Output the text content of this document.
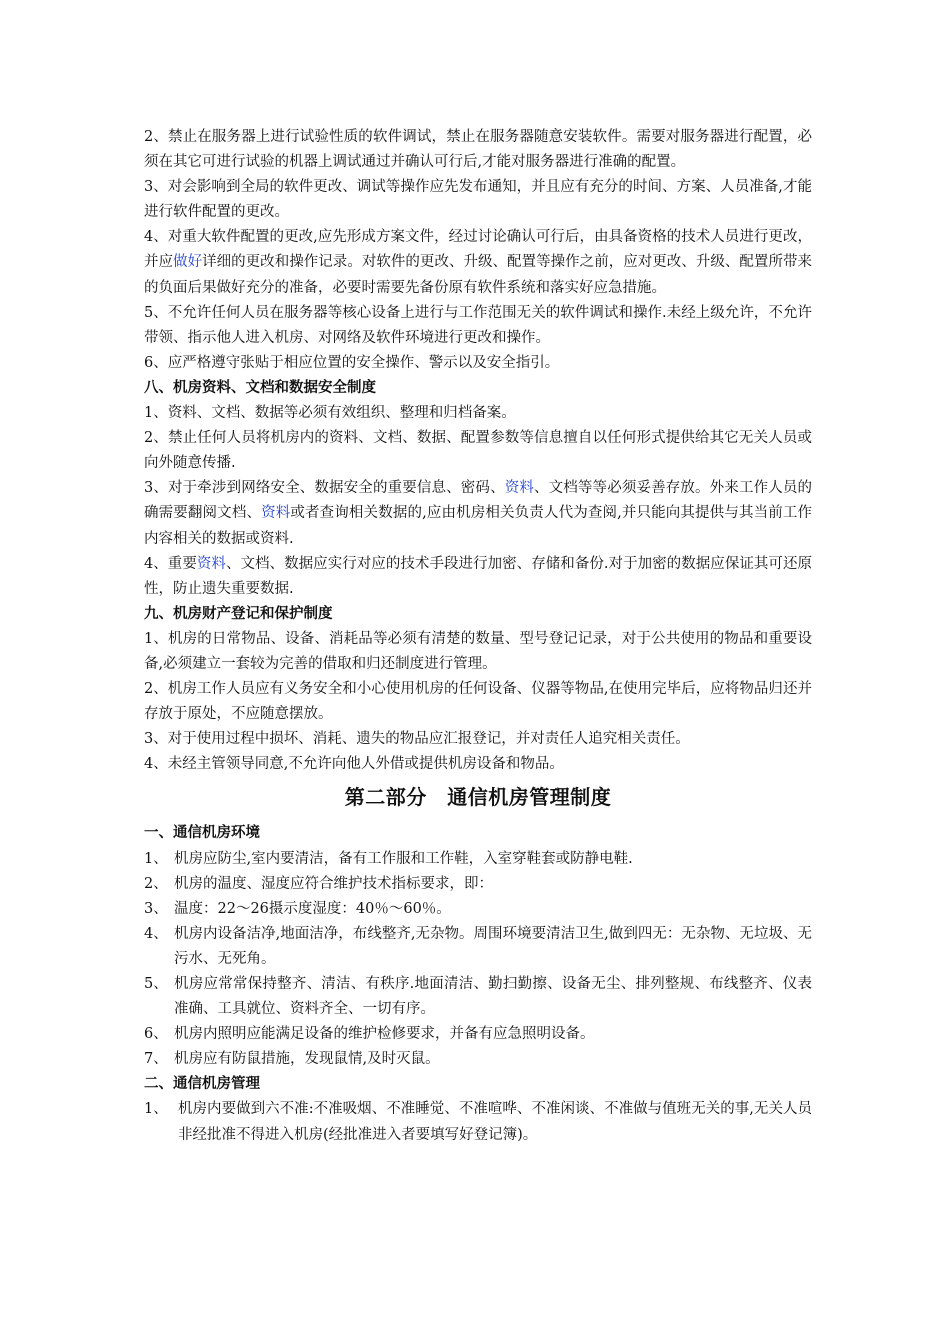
2、禁止在服务器上进行试验性质的软件调试，禁止在服务器随意安装软件。需要对服务器进行配置，必须在其它可进行试验的机器上调试通过并确认可行后,才能对服务器进行准确的配置。

3、对会影响到全局的软件更改、调试等操作应先发布通知，并且应有充分的时间、方案、人员准备,才能进行软件配置的更改。

4、对重大软件配置的更改,应先形成方案文件，经过讨论确认可行后，由具备资格的技术人员进行更改，并应做好详细的更改和操作记录。对软件的更改、升级、配置等操作之前，应对更改、升级、配置所带来的负面后果做好充分的准备，必要时需要先备份原有软件系统和落实好应急措施。

5、不允许任何人员在服务器等核心设备上进行与工作范围无关的软件调试和操作.未经上级允许，不允许带领、指示他人进入机房、对网络及软件环境进行更改和操作。

6、应严格遵守张贴于相应位置的安全操作、警示以及安全指引。

八、机房资料、文档和数据安全制度

1、资料、文档、数据等必须有效组织、整理和归档备案。

2、禁止任何人员将机房内的资料、文档、数据、配置参数等信息擅自以任何形式提供给其它无关人员或向外随意传播.

3、对于牵涉到网络安全、数据安全的重要信息、密码、资料、文档等等必须妥善存放。外来工作人员的确需要翻阅文档、资料或者查询相关数据的,应由机房相关负责人代为查阅,并只能向其提供与其当前工作内容相关的数据或资料.

4、重要资料、文档、数据应实行对应的技术手段进行加密、存储和备份.对于加密的数据应保证其可还原性，防止遗失重要数据.

九、机房财产登记和保护制度

1、机房的日常物品、设备、消耗品等必须有清楚的数量、型号登记记录，对于公共使用的物品和重要设备,必须建立一套较为完善的借取和归还制度进行管理。

2、机房工作人员应有义务安全和小心使用机房的任何设备、仪器等物品,在使用完毕后，应将物品归还并存放于原处，不应随意摆放。

3、对于使用过程中损坏、消耗、遗失的物品应汇报登记，并对责任人追究相关责任。

4、未经主管领导同意,不允许向他人外借或提供机房设备和物品。

第二部分　通信机房管理制度

一、通信机房环境

1、 机房应防尘,室内要清洁，备有工作服和工作鞋，入室穿鞋套或防静电鞋.
2、 机房的温度、湿度应符合维护技术指标要求，即：
3、 温度：22～26摄示度湿度：40％～60％。
4、 机房内设备洁净,地面洁净，布线整齐,无杂物。周围环境要清洁卫生,做到四无：无杂物、无垃圾、无污水、无死角。
5、 机房应常常保持整齐、清洁、有秩序.地面清洁、勤扫勤擦、设备无尘、排列整规、布线整齐、仪表准确、工具就位、资料齐全、一切有序。
6、 机房内照明应能满足设备的维护检修要求，并备有应急照明设备。
7、 机房应有防鼠措施，发现鼠情,及时灭鼠。

二、通信机房管理

1、 机房内要做到六不准:不准吸烟、不准睡觉、不准喧哗、不准闲谈、不准做与值班无关的事,无关人员非经批准不得进入机房(经批准进入者要填写好登记簿)。
